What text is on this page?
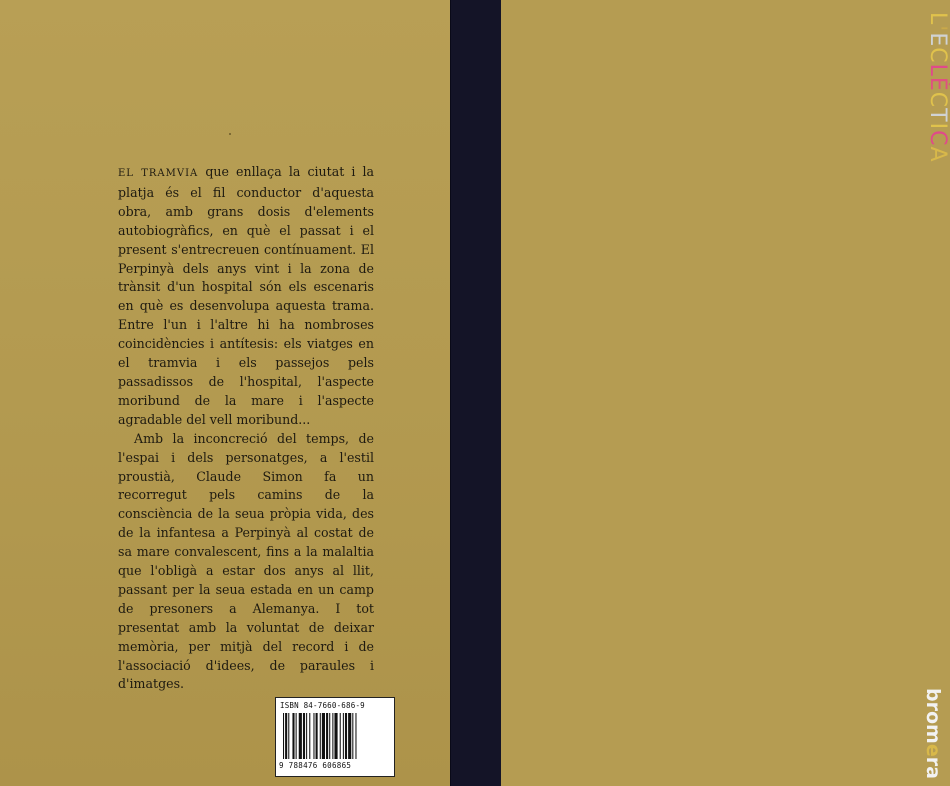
EL TRAMVIA que enllaça la ciutat i la platja és el fil conductor d'aquesta obra, amb grans dosis d'elements autobiogràfics, en què el passat i el present s'entrecreuen contínuament. El Perpinyà dels anys vint i la zona de trànsit d'un hospital són els escenaris en què es desenvolupa aquesta trama. Entre l'un i l'altre hi ha nombroses coincidències i antítesis: els viatges en el tramvia i els passejos pels passadissos de l'hospital, l'aspecte moribund de la mare i l'aspecte agradable del vell moribund...

Amb la inconcreció del temps, de l'espai i dels personatges, a l'estil proustià, Claude Simon fa un recorregut pels camins de la consciència de la seua pròpia vida, des de la infantesa a Perpinyà al costat de sa mare convalescent, fins a la malaltia que l'obligà a estar dos anys al llit, passant per la seua estada en un camp de presoners a Alemanya. I tot presentat amb la voluntat de deixar memòria, per mitjà del record i de l'associació d'idees, de paraules i d'imatges.

ISBN 84-7660-686-9
9 788476 606865
L'ECLÈCTICA
bromera
